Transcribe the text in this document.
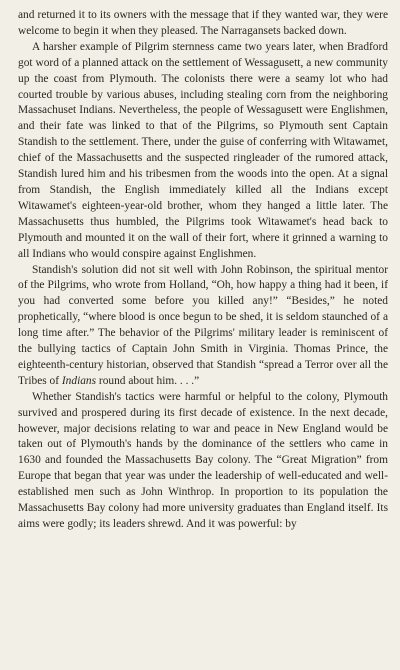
and returned it to its owners with the message that if they wanted war, they were welcome to begin it when they pleased. The Narragansets backed down.

A harsher example of Pilgrim sternness came two years later, when Bradford got word of a planned attack on the settlement of Wessagusett, a new community up the coast from Plymouth. The colonists there were a seamy lot who had courted trouble by various abuses, including stealing corn from the neighboring Massachuset Indians. Nevertheless, the people of Wessagusett were Englishmen, and their fate was linked to that of the Pilgrims, so Plymouth sent Captain Standish to the settlement. There, under the guise of conferring with Witawamet, chief of the Massachusetts and the suspected ringleader of the rumored attack, Standish lured him and his tribesmen from the woods into the open. At a signal from Standish, the English immediately killed all the Indians except Witawamet's eighteen-year-old brother, whom they hanged a little later. The Massachusetts thus humbled, the Pilgrims took Witawamet's head back to Plymouth and mounted it on the wall of their fort, where it grinned a warning to all Indians who would conspire against Englishmen.

Standish's solution did not sit well with John Robinson, the spiritual mentor of the Pilgrims, who wrote from Holland, “Oh, how happy a thing had it been, if you had converted some before you killed any!” “Besides,” he noted prophetically, “where blood is once begun to be shed, it is seldom staunched of a long time after.” The behavior of the Pilgrims' military leader is reminiscent of the bullying tactics of Captain John Smith in Virginia. Thomas Prince, the eighteenth-century historian, observed that Standish “spread a Terror over all the Tribes of Indians round about him. . . .”

Whether Standish's tactics were harmful or helpful to the colony, Plymouth survived and prospered during its first decade of existence. In the next decade, however, major decisions relating to war and peace in New England would be taken out of Plymouth's hands by the dominance of the settlers who came in 1630 and founded the Massachusetts Bay colony. The “Great Migration” from Europe that began that year was under the leadership of well-educated and well-established men such as John Winthrop. In proportion to its population the Massachusetts Bay colony had more university graduates than England itself. Its aims were godly; its leaders shrewd. And it was powerful: by
